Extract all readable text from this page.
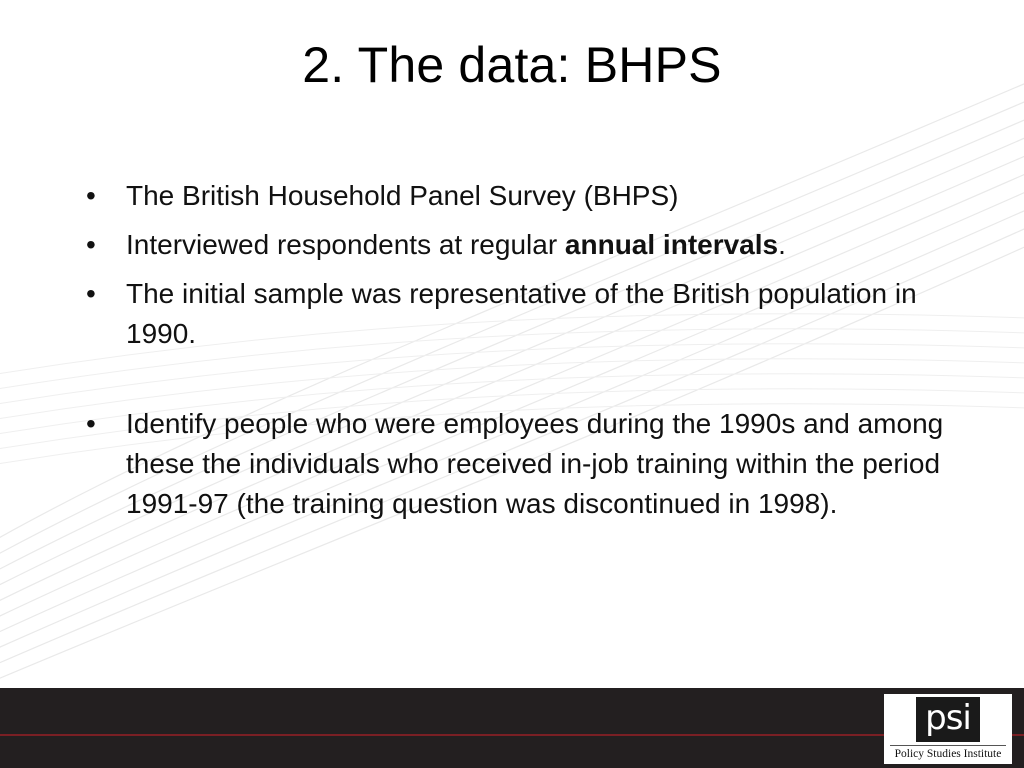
2. The data: BHPS
•	The British Household Panel Survey (BHPS)
•	Interviewed respondents at regular annual intervals.
•	The initial sample was representative of the British population in 1990.
•	Identify people who were employees during the 1990s and among these the individuals who received in-job training within the period 1991-97 (the training question was discontinued in 1998).
psi
Policy Studies Institute
